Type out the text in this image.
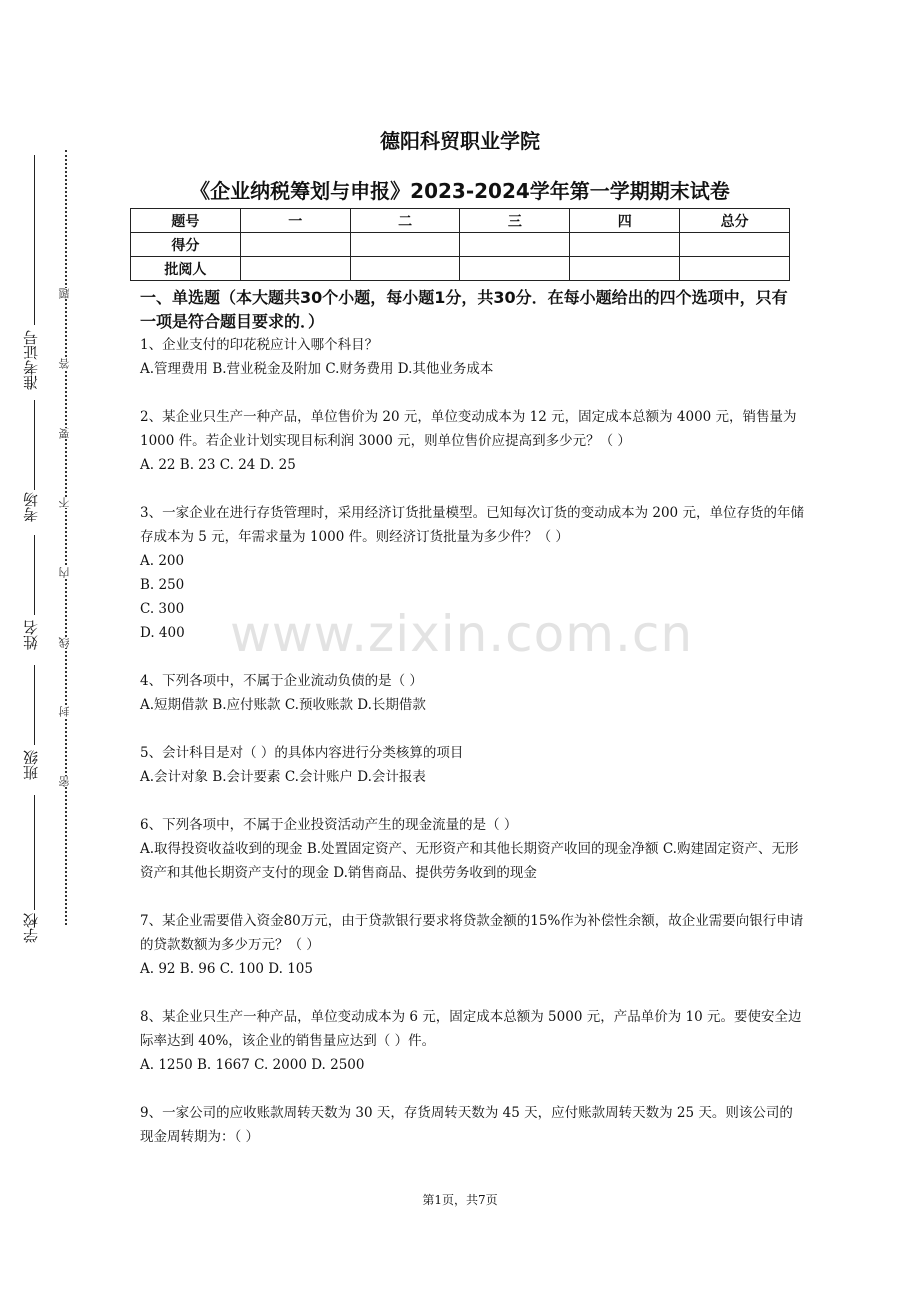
准考证号
考场
姓名
班级
学校
题
答
要
不
内
线
封
密
德阳科贸职业学院
《企业纳税筹划与申报》2023-2024学年第一学期期末试卷
题号	一	二	三	四	总分
得分					
批阅人					
一、单选题（本大题共30个小题，每小题1分，共30分．在每小题给出的四个选项中，只有一项是符合题目要求的．）
www.zixin.com.cn

1、企业支付的印花税应计入哪个科目？

A.管理费用 B.营业税金及附加 C.财务费用 D.其他业务成本

2、某企业只生产一种产品，单位售价为 20 元，单位变动成本为 12 元，固定成本总额为 4000 元，销售量为 1000 件。若企业计划实现目标利润 3000 元，则单位售价应提高到多少元？（ ）

A. 22 B. 23 C. 24 D. 25

3、一家企业在进行存货管理时，采用经济订货批量模型。已知每次订货的变动成本为 200 元，单位存货的年储存成本为 5 元，年需求量为 1000 件。则经济订货批量为多少件？（ ）

A. 200

B. 250

C. 300

D. 400

4、下列各项中，不属于企业流动负债的是（ ）

A.短期借款 B.应付账款 C.预收账款 D.长期借款

5、会计科目是对（ ）的具体内容进行分类核算的项目

A.会计对象 B.会计要素 C.会计账户 D.会计报表

6、下列各项中，不属于企业投资活动产生的现金流量的是（ ）

A.取得投资收益收到的现金 B.处置固定资产、无形资产和其他长期资产收回的现金净额 C.购建固定资产、无形资产和其他长期资产支付的现金 D.销售商品、提供劳务收到的现金

7、某企业需要借入资金80万元，由于贷款银行要求将贷款金额的15%作为补偿性余额，故企业需要向银行申请的贷款数额为多少万元？（ ）

A. 92 B. 96 C. 100 D. 105

8、某企业只生产一种产品，单位变动成本为 6 元，固定成本总额为 5000 元，产品单价为 10 元。要使安全边际率达到 40%，该企业的销售量应达到（ ）件。

A. 1250 B. 1667 C. 2000 D. 2500

9、一家公司的应收账款周转天数为 30 天，存货周转天数为 45 天，应付账款周转天数为 25 天。则该公司的现金周转期为：（ ）

第1页，共7页
